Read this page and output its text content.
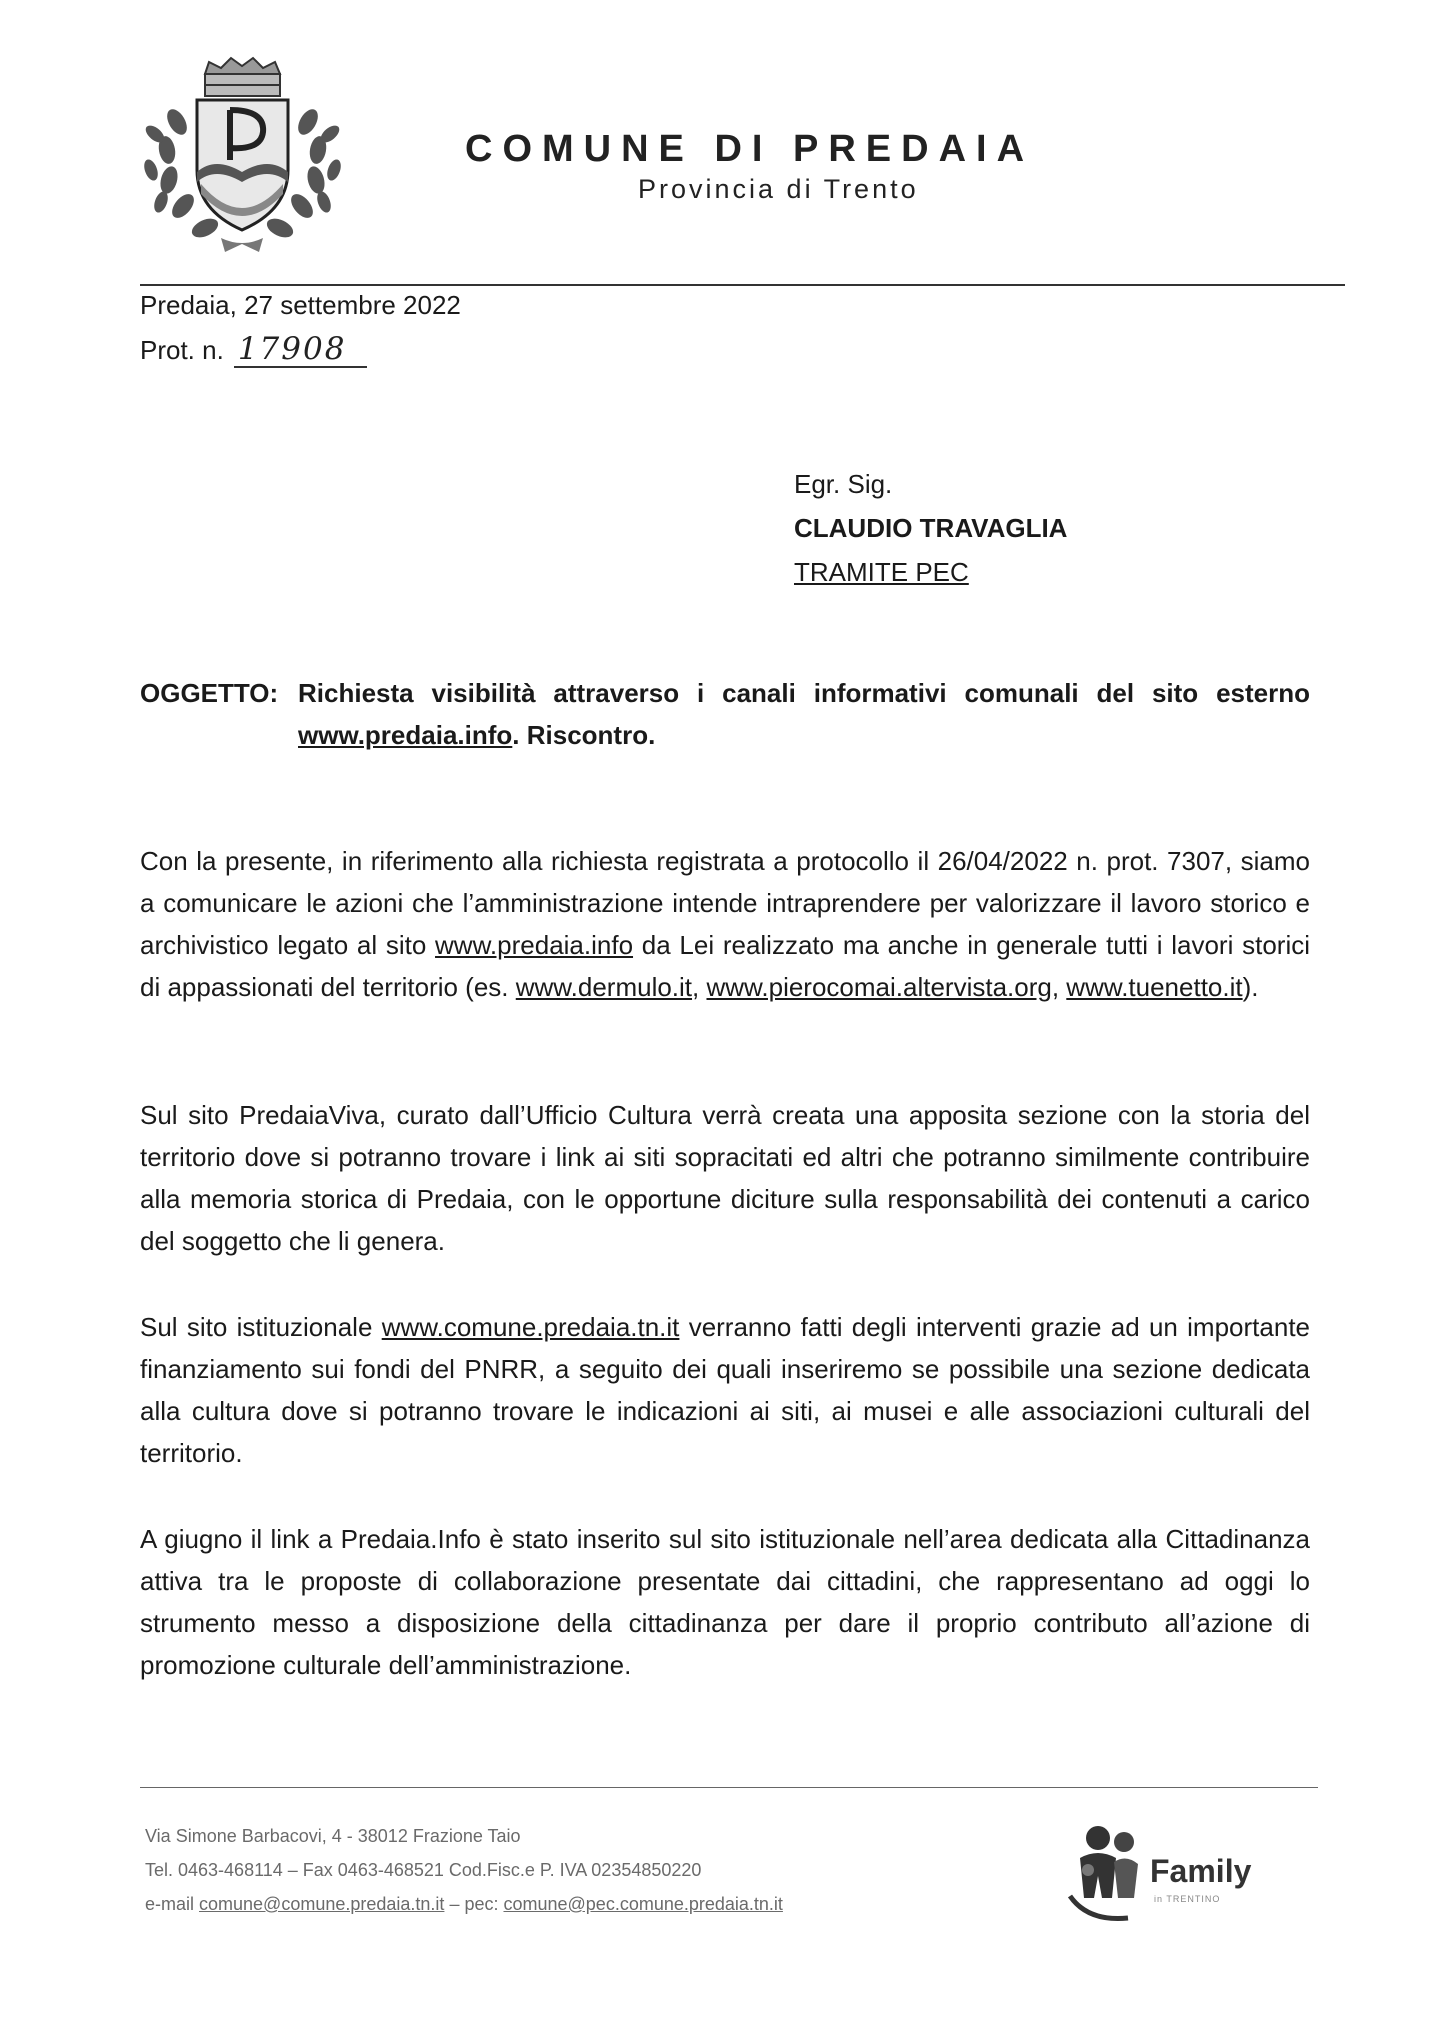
COMUNE DI PREDAIA
Provincia di Trento
Predaia, 27 settembre 2022
Prot. n. 17908
Egr. Sig.
CLAUDIO TRAVAGLIA
TRAMITE PEC
OGGETTO: Richiesta visibilità attraverso i canali informativi comunali del sito esterno www.predaia.info. Riscontro.

Con la presente, in riferimento alla richiesta registrata a protocollo il 26/04/2022 n. prot. 7307, siamo a comunicare le azioni che l’amministrazione intende intraprendere per valorizzare il lavoro storico e archivistico legato al sito www.predaia.info da Lei realizzato ma anche in generale tutti i lavori storici di appassionati del territorio (es. www.dermulo.it, www.pierocomai.altervista.org, www.tuenetto.it).

Sul sito PredaiaViva, curato dall’Ufficio Cultura verrà creata una apposita sezione con la storia del territorio dove si potranno trovare i link ai siti sopracitati ed altri che potranno similmente contribuire alla memoria storica di Predaia, con le opportune diciture sulla responsabilità dei contenuti a carico del soggetto che li genera.

Sul sito istituzionale www.comune.predaia.tn.it verranno fatti degli interventi grazie ad un importante finanziamento sui fondi del PNRR, a seguito dei quali inseriremo se possibile una sezione dedicata alla cultura dove si potranno trovare le indicazioni ai siti, ai musei e alle associazioni culturali del territorio.

A giugno il link a Predaia.Info è stato inserito sul sito istituzionale nell’area dedicata alla Cittadinanza attiva tra le proposte di collaborazione presentate dai cittadini, che rappresentano ad oggi lo strumento messo a disposizione della cittadinanza per dare il proprio contributo all’azione di promozione culturale dell’amministrazione.

Via Simone Barbacovi, 4 - 38012 Frazione Taio
Tel. 0463-468114 – Fax 0463-468521 Cod.Fisc.e P. IVA 02354850220
e-mail comune@comune.predaia.tn.it – pec: comune@pec.comune.predaia.tn.it
Family
in TRENTINO
